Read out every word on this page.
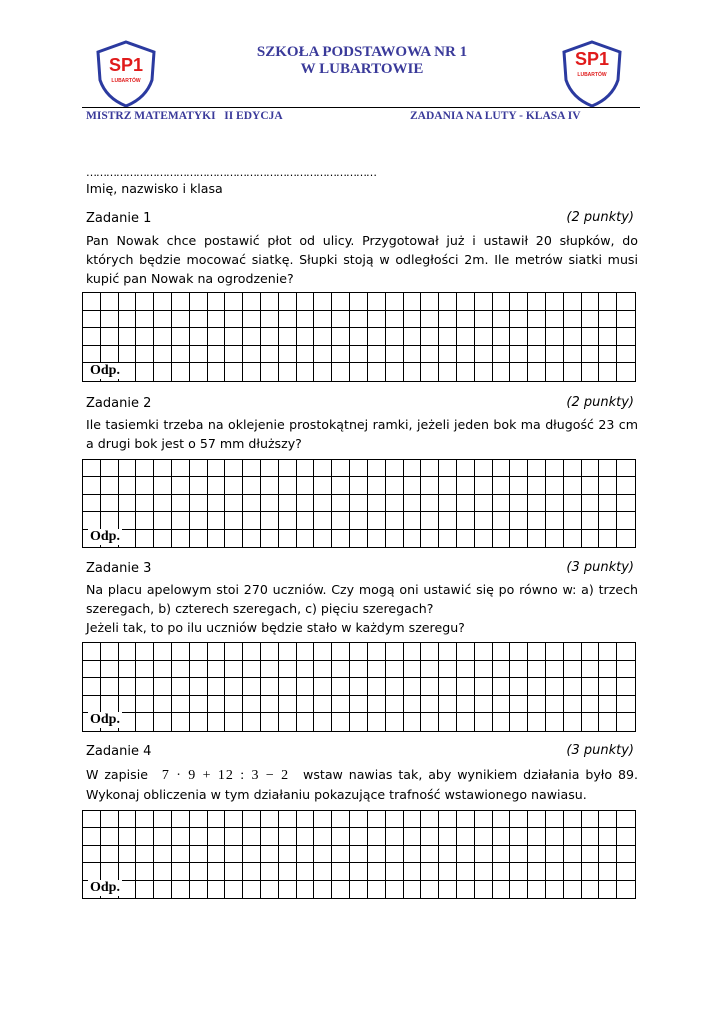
SP1
LUBARTÓW
SP1
LUBARTÓW
SZKOŁA PODSTAWOWA NR 1
W LUBARTOWIE
MISTRZ MATEMATYKI   II EDYCJA	ZADANIA NA LUTY - KLASA IV
……………………………………………………………………………
Imię, nazwisko i klasa
Zadanie 1	(2 punkty)
Pan Nowak chce postawić płot od ulicy. Przygotował już i ustawił 20 słupków, do których będzie mocować siatkę. Słupki stoją w odległości 2m. Ile metrów siatki musi kupić pan Nowak na ogrodzenie?
Odp.
Zadanie 2	(2 punkty)
Ile tasiemki trzeba na oklejenie prostokątnej ramki, jeżeli jeden bok ma długość 23 cm a drugi bok jest o 57 mm dłuższy?
Odp.
Zadanie 3	(3 punkty)
Na placu apelowym stoi 270 uczniów. Czy mogą oni ustawić się po równo w: a) trzech szeregach, b) czterech szeregach, c) pięciu szeregach?
Jeżeli tak, to po ilu uczniów będzie stało w każdym szeregu?
Odp.
Zadanie 4	(3 punkty)
W zapisie 7 · 9 + 12 : 3 − 2 wstaw nawias tak, aby wynikiem działania było 89. Wykonaj obliczenia w tym działaniu pokazujące trafność wstawionego nawiasu.
Odp.
